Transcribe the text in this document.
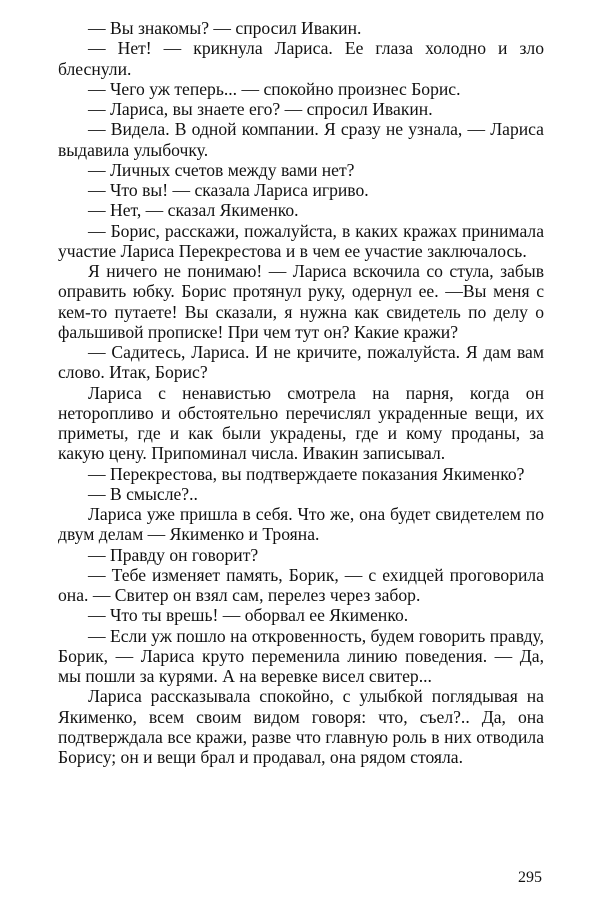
— Вы знакомы? — спросил Ивакин.

— Нет! — крикнула Лариса. Ее глаза холодно и зло блеснули.

— Чего уж теперь... — спокойно произнес Борис.

— Лариса, вы знаете его? — спросил Ивакин.

— Видела. В одной компании. Я сразу не узнала, — Лариса выдавила улыбочку.

— Личных счетов между вами нет?

— Что вы! — сказала Лариса игриво.

— Нет, — сказал Якименко.

— Борис, расскажи, пожалуйста, в каких кражах принимала участие Лариса Перекрестова и в чем ее участие заключалось.

Я ничего не понимаю! — Лариса вскочила со стула, забыв оправить юбку. Борис протянул руку, одернул ее. —Вы меня с кем-то путаете! Вы сказали, я нужна как свидетель по делу о фальшивой прописке! При чем тут он? Какие кражи?

— Садитесь, Лариса. И не кричите, пожалуйста. Я дам вам слово. Итак, Борис?

Лариса с ненавистью смотрела на парня, когда он неторопливо и обстоятельно перечислял украденные вещи, их приметы, где и как были украдены, где и кому проданы, за какую цену. Припоминал числа. Ивакин записывал.

— Перекрестова, вы подтверждаете показания Якименко?

— В смысле?..

Лариса уже пришла в себя. Что же, она будет свидетелем по двум делам — Якименко и Трояна.

— Правду он говорит?

— Тебе изменяет память, Борик, — с ехидцей проговорила она. — Свитер он взял сам, перелез через забор.

— Что ты врешь! — оборвал ее Якименко.

— Если уж пошло на откровенность, будем говорить правду, Борик, — Лариса круто переменила линию поведения. — Да, мы пошли за курями. А на веревке висел свитер...

Лариса рассказывала спокойно, с улыбкой поглядывая на Якименко, всем своим видом говоря: что, съел?.. Да, она подтверждала все кражи, разве что главную роль в них отводила Борису; он и вещи брал и продавал, она рядом стояла.

295
